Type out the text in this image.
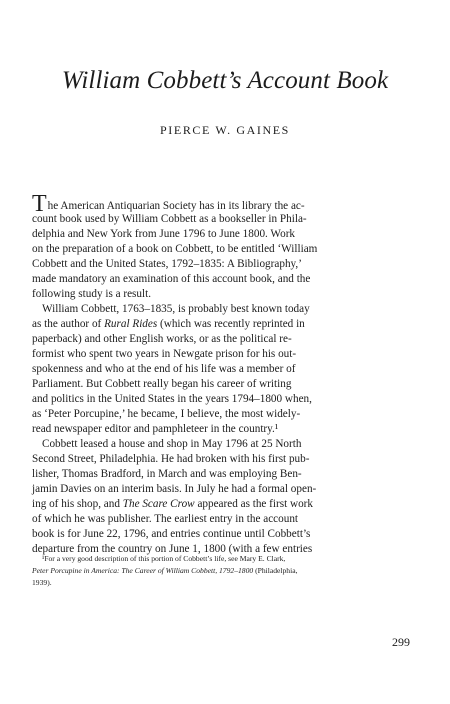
William Cobbett’s Account Book
PIERCE W. GAINES
The American Antiquarian Society has in its library the ac-
count book used by William Cobbett as a bookseller in Phila-
delphia and New York from June 1796 to June 1800. Work
on the preparation of a book on Cobbett, to be entitled ‘William
Cobbett and the United States, 1792–1835: A Bibliography,’
made mandatory an examination of this account book, and the
following study is a result.
William Cobbett, 1763–1835, is probably best known today
as the author of Rural Rides (which was recently reprinted in
paperback) and other English works, or as the political re-
formist who spent two years in Newgate prison for his out-
spokenness and who at the end of his life was a member of
Parliament. But Cobbett really began his career of writing
and politics in the United States in the years 1794–1800 when,
as ‘Peter Porcupine,’ he became, I believe, the most widely-
read newspaper editor and pamphleteer in the country.¹
Cobbett leased a house and shop in May 1796 at 25 North
Second Street, Philadelphia. He had broken with his first pub-
lisher, Thomas Bradford, in March and was employing Ben-
jamin Davies on an interim basis. In July he had a formal open-
ing of his shop, and The Scare Crow appeared as the first work
of which he was publisher. The earliest entry in the account
book is for June 22, 1796, and entries continue until Cobbett’s
departure from the country on June 1, 1800 (with a few entries
¹For a very good description of this portion of Cobbett’s life, see Mary E. Clark,
Peter Porcupine in America: The Career of William Cobbett, 1792–1800 (Philadelphia,
1939).
299
